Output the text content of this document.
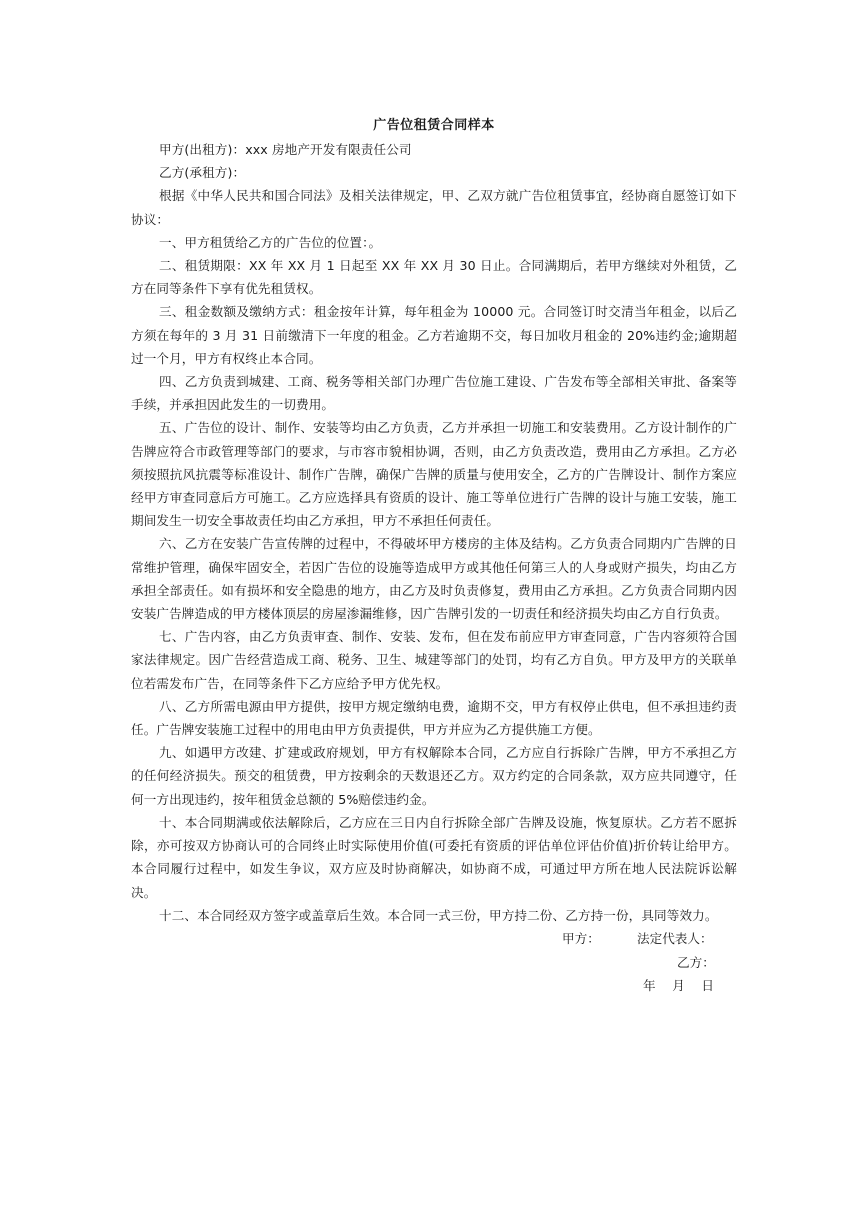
广告位租赁合同样本

甲方(出租方)：xxx 房地产开发有限责任公司

乙方(承租方)：

根据《中华人民共和国合同法》及相关法律规定，甲、乙双方就广告位租赁事宜，经协商自愿签订如下协议：

一、甲方租赁给乙方的广告位的位置：。

二、租赁期限：XX 年 XX 月 1 日起至 XX 年 XX 月 30 日止。合同满期后，若甲方继续对外租赁，乙方在同等条件下享有优先租赁权。

三、租金数额及缴纳方式：租金按年计算，每年租金为 10000 元。合同签订时交清当年租金，以后乙方须在每年的 3 月 31 日前缴清下一年度的租金。乙方若逾期不交，每日加收月租金的 20%违约金;逾期超过一个月，甲方有权终止本合同。

四、乙方负责到城建、工商、税务等相关部门办理广告位施工建设、广告发布等全部相关审批、备案等手续，并承担因此发生的一切费用。

五、广告位的设计、制作、安装等均由乙方负责，乙方并承担一切施工和安装费用。乙方设计制作的广告牌应符合市政管理等部门的要求，与市容市貌相协调，否则，由乙方负责改造，费用由乙方承担。乙方必须按照抗风抗震等标准设计、制作广告牌，确保广告牌的质量与使用安全，乙方的广告牌设计、制作方案应经甲方审查同意后方可施工。乙方应选择具有资质的设计、施工等单位进行广告牌的设计与施工安装，施工期间发生一切安全事故责任均由乙方承担，甲方不承担任何责任。

六、乙方在安装广告宣传牌的过程中，不得破坏甲方楼房的主体及结构。乙方负责合同期内广告牌的日常维护管理，确保牢固安全，若因广告位的设施等造成甲方或其他任何第三人的人身或财产损失，均由乙方承担全部责任。如有损坏和安全隐患的地方，由乙方及时负责修复，费用由乙方承担。乙方负责合同期内因安装广告牌造成的甲方楼体顶层的房屋渗漏维修，因广告牌引发的一切责任和经济损失均由乙方自行负责。

七、广告内容，由乙方负责审查、制作、安装、发布，但在发布前应甲方审查同意，广告内容须符合国家法律规定。因广告经营造成工商、税务、卫生、城建等部门的处罚，均有乙方自负。甲方及甲方的关联单位若需发布广告，在同等条件下乙方应给予甲方优先权。

八、乙方所需电源由甲方提供，按甲方规定缴纳电费，逾期不交，甲方有权停止供电，但不承担违约责任。广告牌安装施工过程中的用电由甲方负责提供，甲方并应为乙方提供施工方便。

九、如遇甲方改建、扩建或政府规划，甲方有权解除本合同，乙方应自行拆除广告牌，甲方不承担乙方的任何经济损失。预交的租赁费，甲方按剩余的天数退还乙方。双方约定的合同条款，双方应共同遵守，任何一方出现违约，按年租赁金总额的 5%赔偿违约金。

十、本合同期满或依法解除后，乙方应在三日内自行拆除全部广告牌及设施，恢复原状。乙方若不愿拆除，亦可按双方协商认可的合同终止时实际使用价值(可委托有资质的评估单位评估价值)折价转让给甲方。本合同履行过程中，如发生争议，双方应及时协商解决，如协商不成，可通过甲方所在地人民法院诉讼解决。

十二、本合同经双方签字或盖章后生效。本合同一式三份，甲方持二份、乙方持一份，具同等效力。

甲方：	法定代表人：
乙方：
年　 月　 日
